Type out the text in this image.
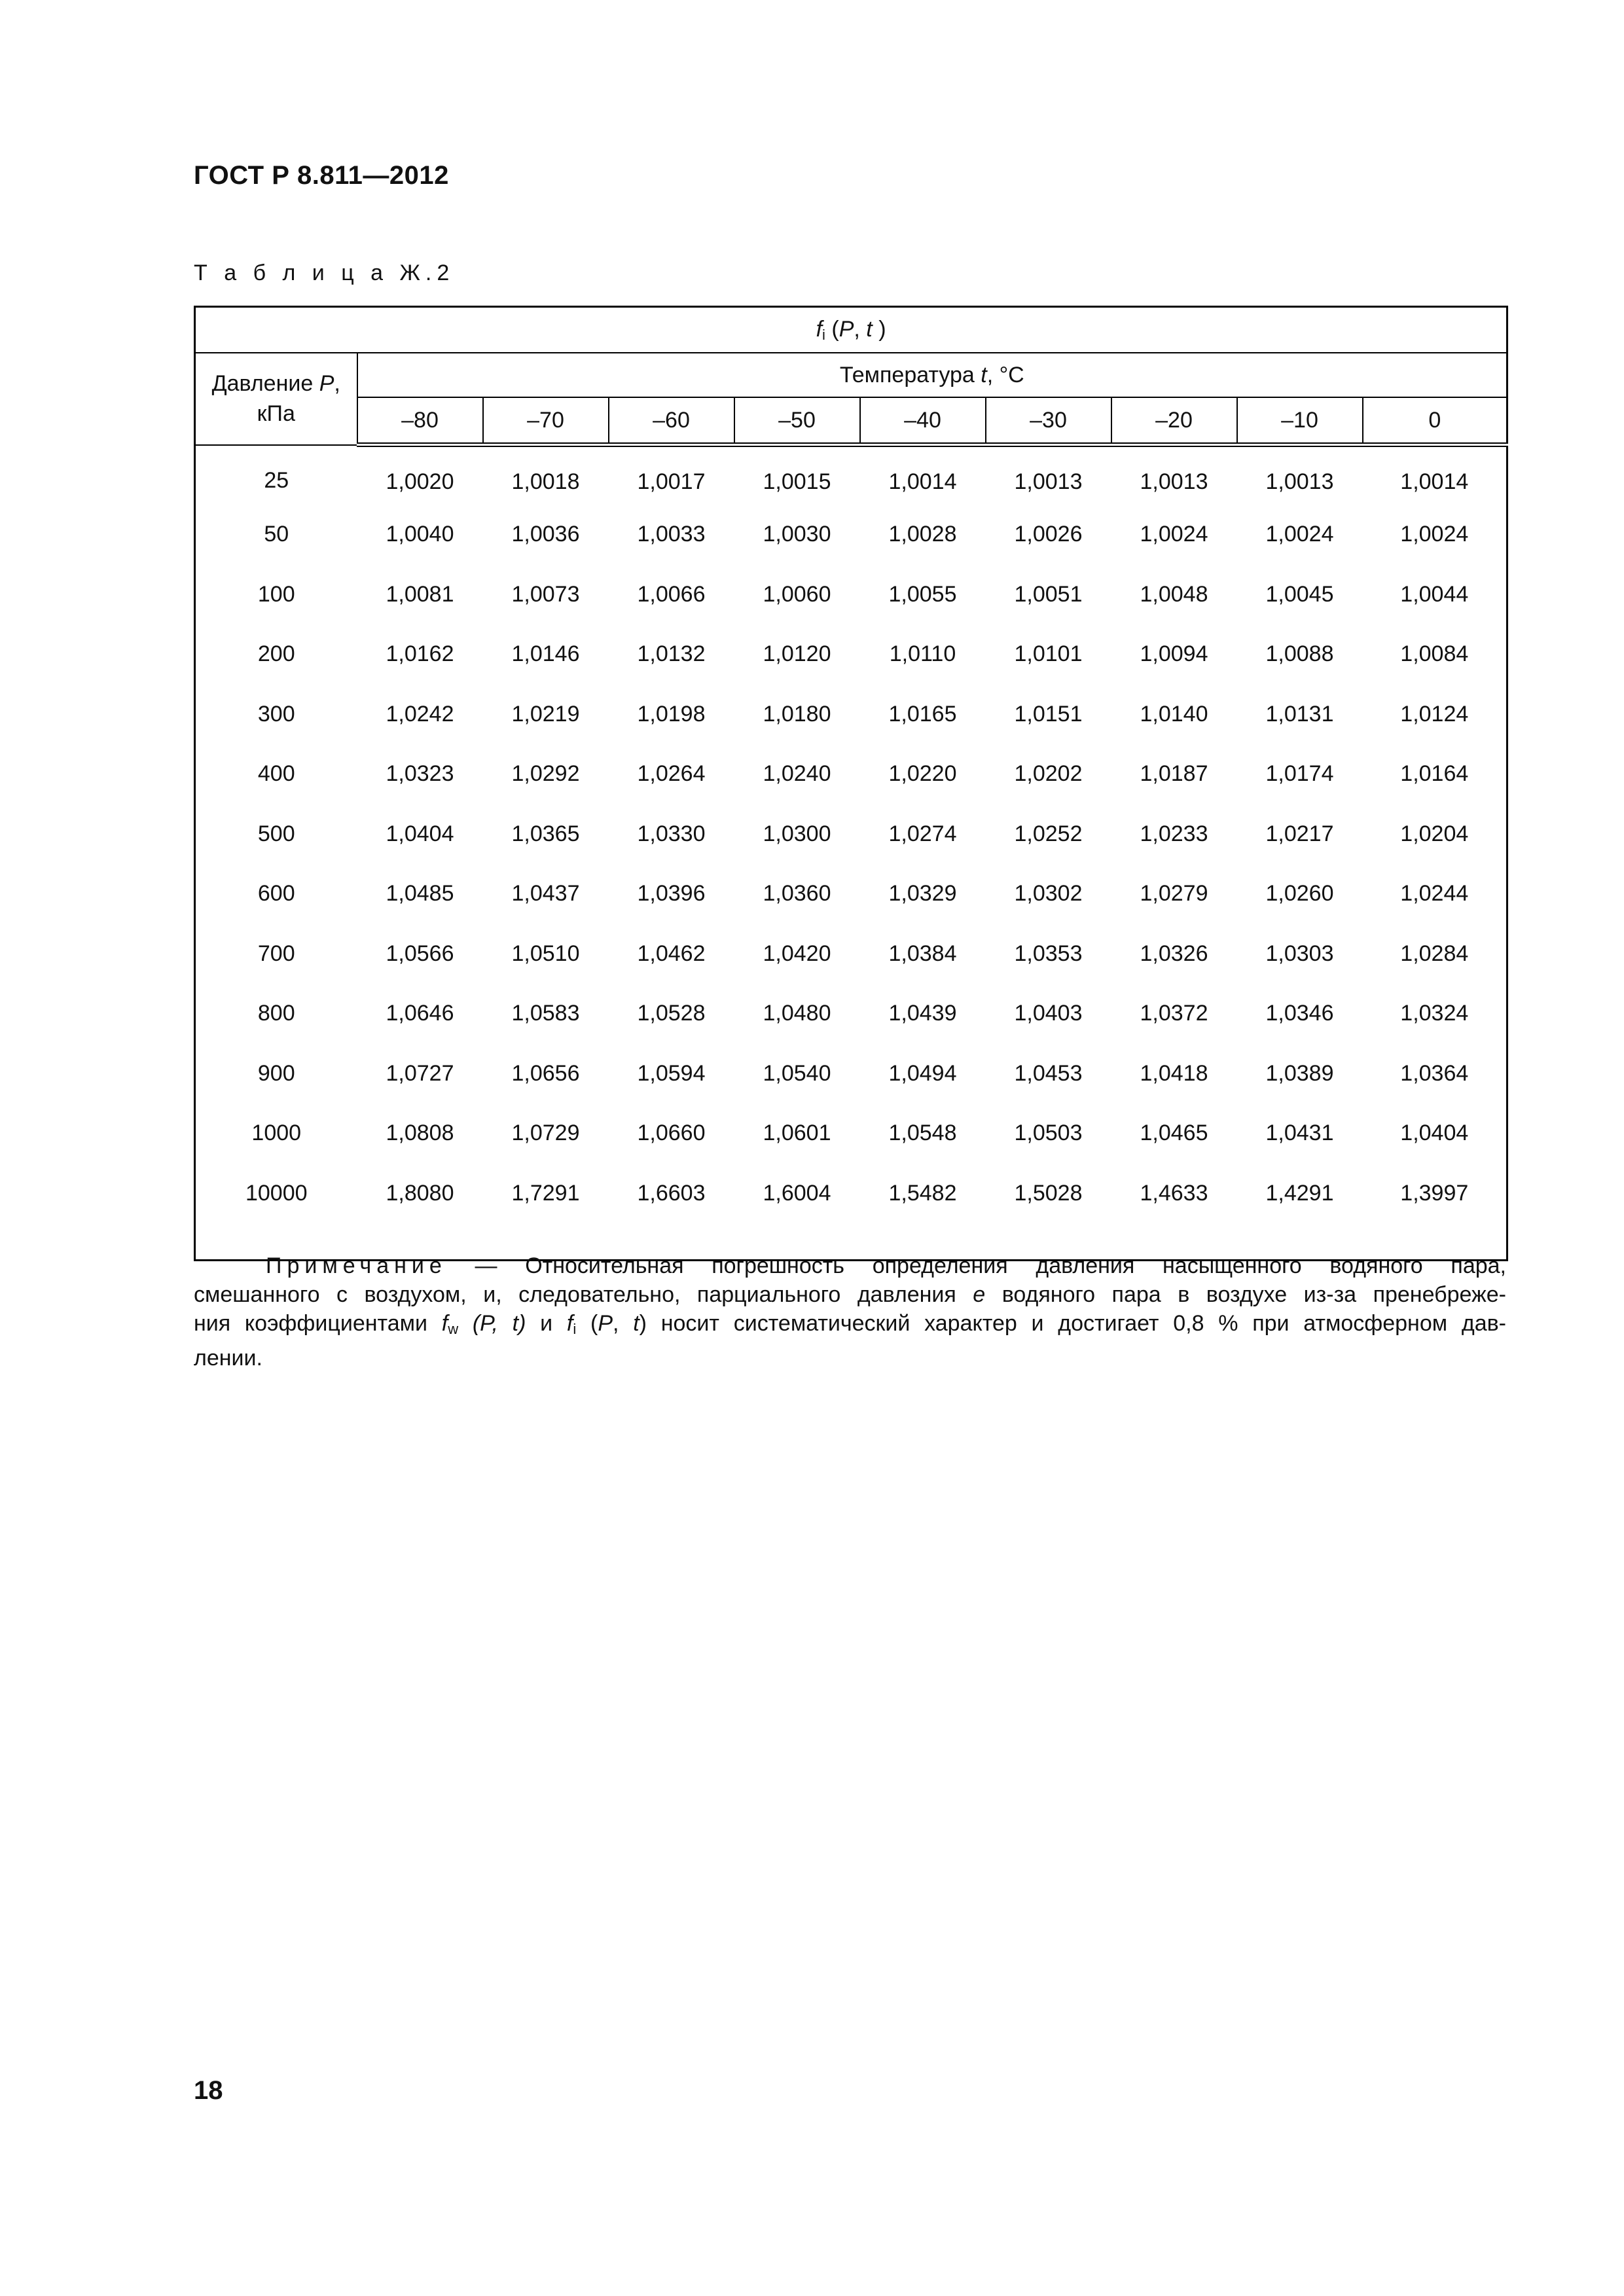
ГОСТ Р 8.811—2012
Т а б л и ц а Ж.2
$f_i$ (P, t )									
Давление P,
кПа	Температура t, °С								
	–80	–70	–60	–50	–40	–30	–20	–10	0
25	1,0020	1,0018	1,0017	1,0015	1,0014	1,0013	1,0013	1,0013	1,0014
50	1,0040	1,0036	1,0033	1,0030	1,0028	1,0026	1,0024	1,0024	1,0024
100	1,0081	1,0073	1,0066	1,0060	1,0055	1,0051	1,0048	1,0045	1,0044
200	1,0162	1,0146	1,0132	1,0120	1,0110	1,0101	1,0094	1,0088	1,0084
300	1,0242	1,0219	1,0198	1,0180	1,0165	1,0151	1,0140	1,0131	1,0124
400	1,0323	1,0292	1,0264	1,0240	1,0220	1,0202	1,0187	1,0174	1,0164
500	1,0404	1,0365	1,0330	1,0300	1,0274	1,0252	1,0233	1,0217	1,0204
600	1,0485	1,0437	1,0396	1,0360	1,0329	1,0302	1,0279	1,0260	1,0244
700	1,0566	1,0510	1,0462	1,0420	1,0384	1,0353	1,0326	1,0303	1,0284
800	1,0646	1,0583	1,0528	1,0480	1,0439	1,0403	1,0372	1,0346	1,0324
900	1,0727	1,0656	1,0594	1,0540	1,0494	1,0453	1,0418	1,0389	1,0364
1000	1,0808	1,0729	1,0660	1,0601	1,0548	1,0503	1,0465	1,0431	1,0404
10000	1,8080	1,7291	1,6603	1,6004	1,5482	1,5028	1,4633	1,4291	1,3997
Примечание — Относительная погрешность определения давления насыщенного водяного пара,
смешанного с воздухом, и, следовательно, парциального давления e водяного пара в воздухе из-за пренебреже-
ния коэффициентами $f_w$ (P, t) и $f_i$ (P, t) носит систематический характер и достигает 0,8 % при атмосферном дав-
лении.
18
